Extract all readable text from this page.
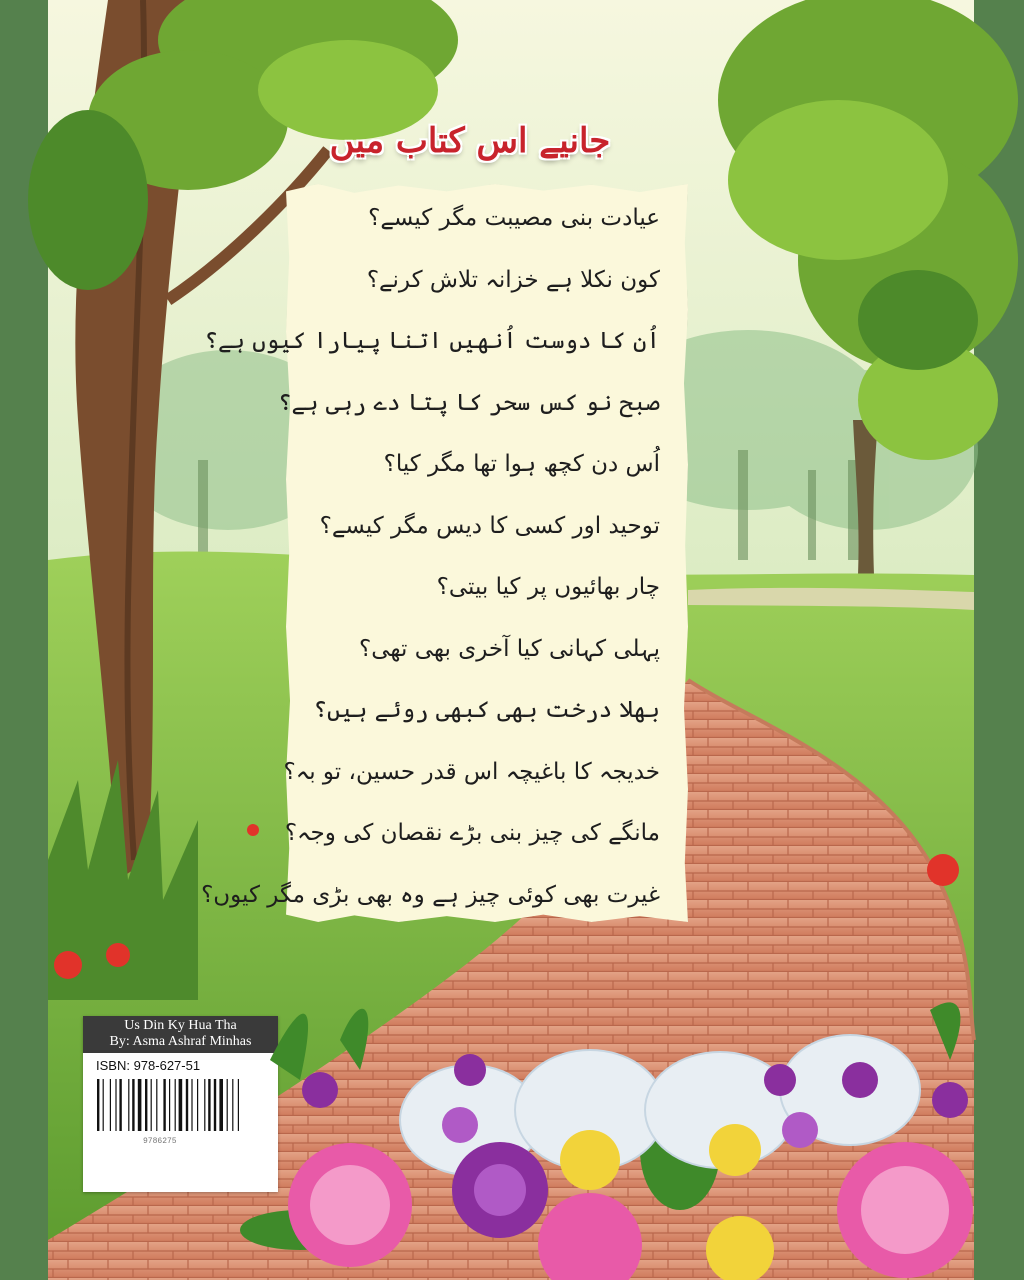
جانیے اس کتاب میں
عیادت بنی مصیبت مگر کیسے؟
کون نکلا ہے خزانہ تلاش کرنے؟
اُن کا دوست اُنھیں اتنا پیارا کیوں ہے؟
صبح نو کس سحر کا پتا دے رہی ہے؟
اُس دن کچھ ہوا تھا مگر کیا؟
توحید اور کسی کا دیس مگر کیسے؟
چار بھائیوں پر کیا بیتی؟
پہلی کہانی کیا آخری بھی تھی؟
بھلا درخت بھی کبھی روئے ہیں؟
خدیجہ کا باغیچہ اس قدر حسین، تو بہ؟
مانگے کی چیز بنی بڑے نقصان کی وجہ؟
غیرت بھی کوئی چیز ہے وہ بھی بڑی مگر کیوں؟
Us Din Ky Hua Tha
By: Asma Ashraf Minhas
ISBN: 978-627-51
9786275
